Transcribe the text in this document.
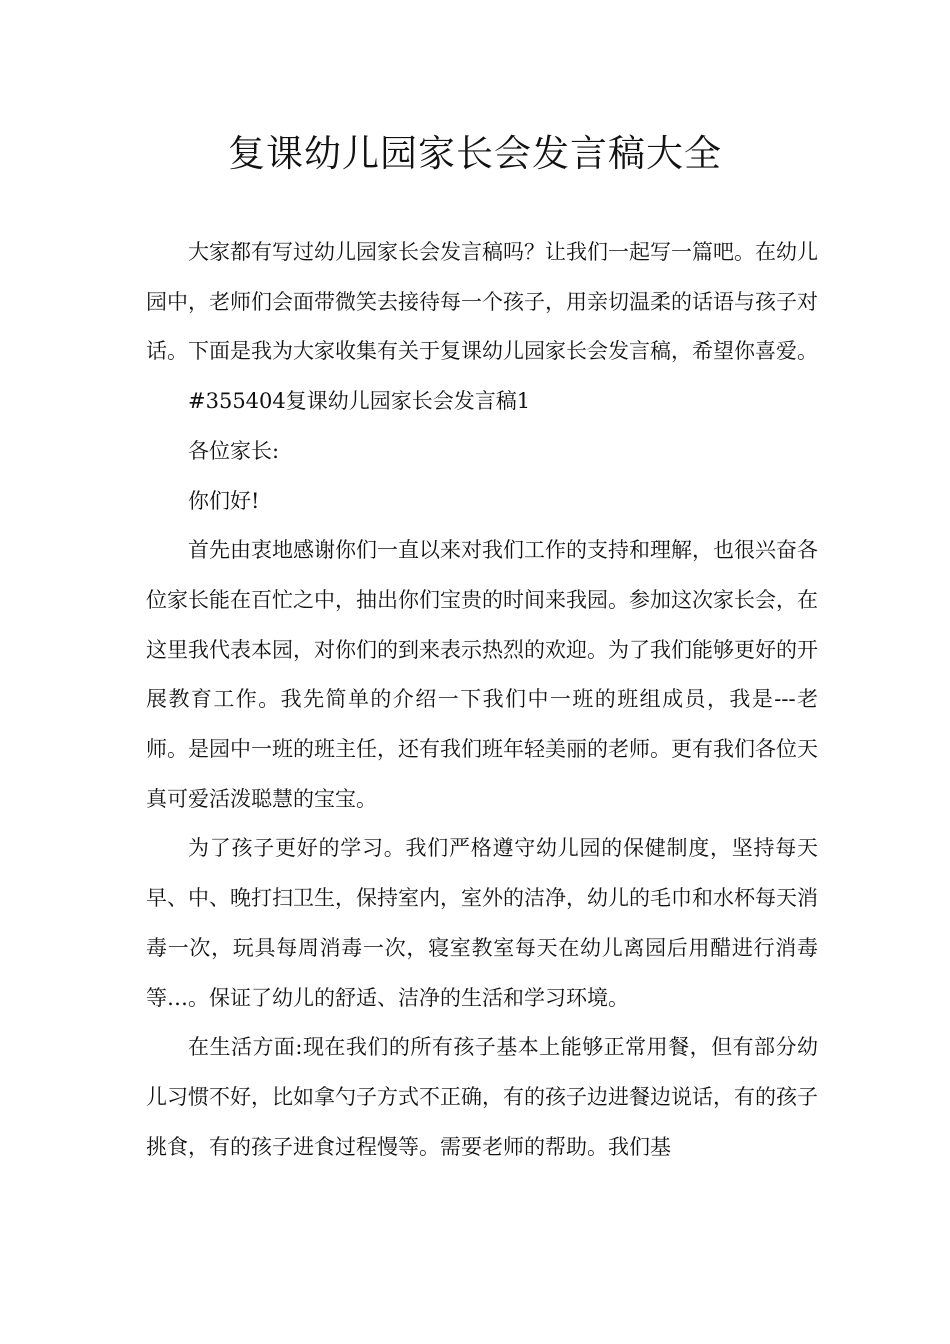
复课幼儿园家长会发言稿大全

大家都有写过幼儿园家长会发言稿吗？让我们一起写一篇吧。在幼儿园中，老师们会面带微笑去接待每一个孩子，用亲切温柔的话语与孩子对话。下面是我为大家收集有关于复课幼儿园家长会发言稿，希望你喜爱。

#355404复课幼儿园家长会发言稿1

各位家长:

你们好!

首先由衷地感谢你们一直以来对我们工作的支持和理解，也很兴奋各位家长能在百忙之中，抽出你们宝贵的时间来我园。参加这次家长会，在这里我代表本园，对你们的到来表示热烈的欢迎。为了我们能够更好的开展教育工作。我先简单的介绍一下我们中一班的班组成员，我是---老师。是园中一班的班主任，还有我们班年轻美丽的老师。更有我们各位天真可爱活泼聪慧的宝宝。

为了孩子更好的学习。我们严格遵守幼儿园的保健制度，坚持每天早、中、晚打扫卫生，保持室内，室外的洁净，幼儿的毛巾和水杯每天消毒一次，玩具每周消毒一次，寝室教室每天在幼儿离园后用醋进行消毒等…。保证了幼儿的舒适、洁净的生活和学习环境。

在生活方面:现在我们的所有孩子基本上能够正常用餐，但有部分幼儿习惯不好，比如拿勺子方式不正确，有的孩子边进餐边说话，有的孩子挑食，有的孩子进食过程慢等。需要老师的帮助。我们基
